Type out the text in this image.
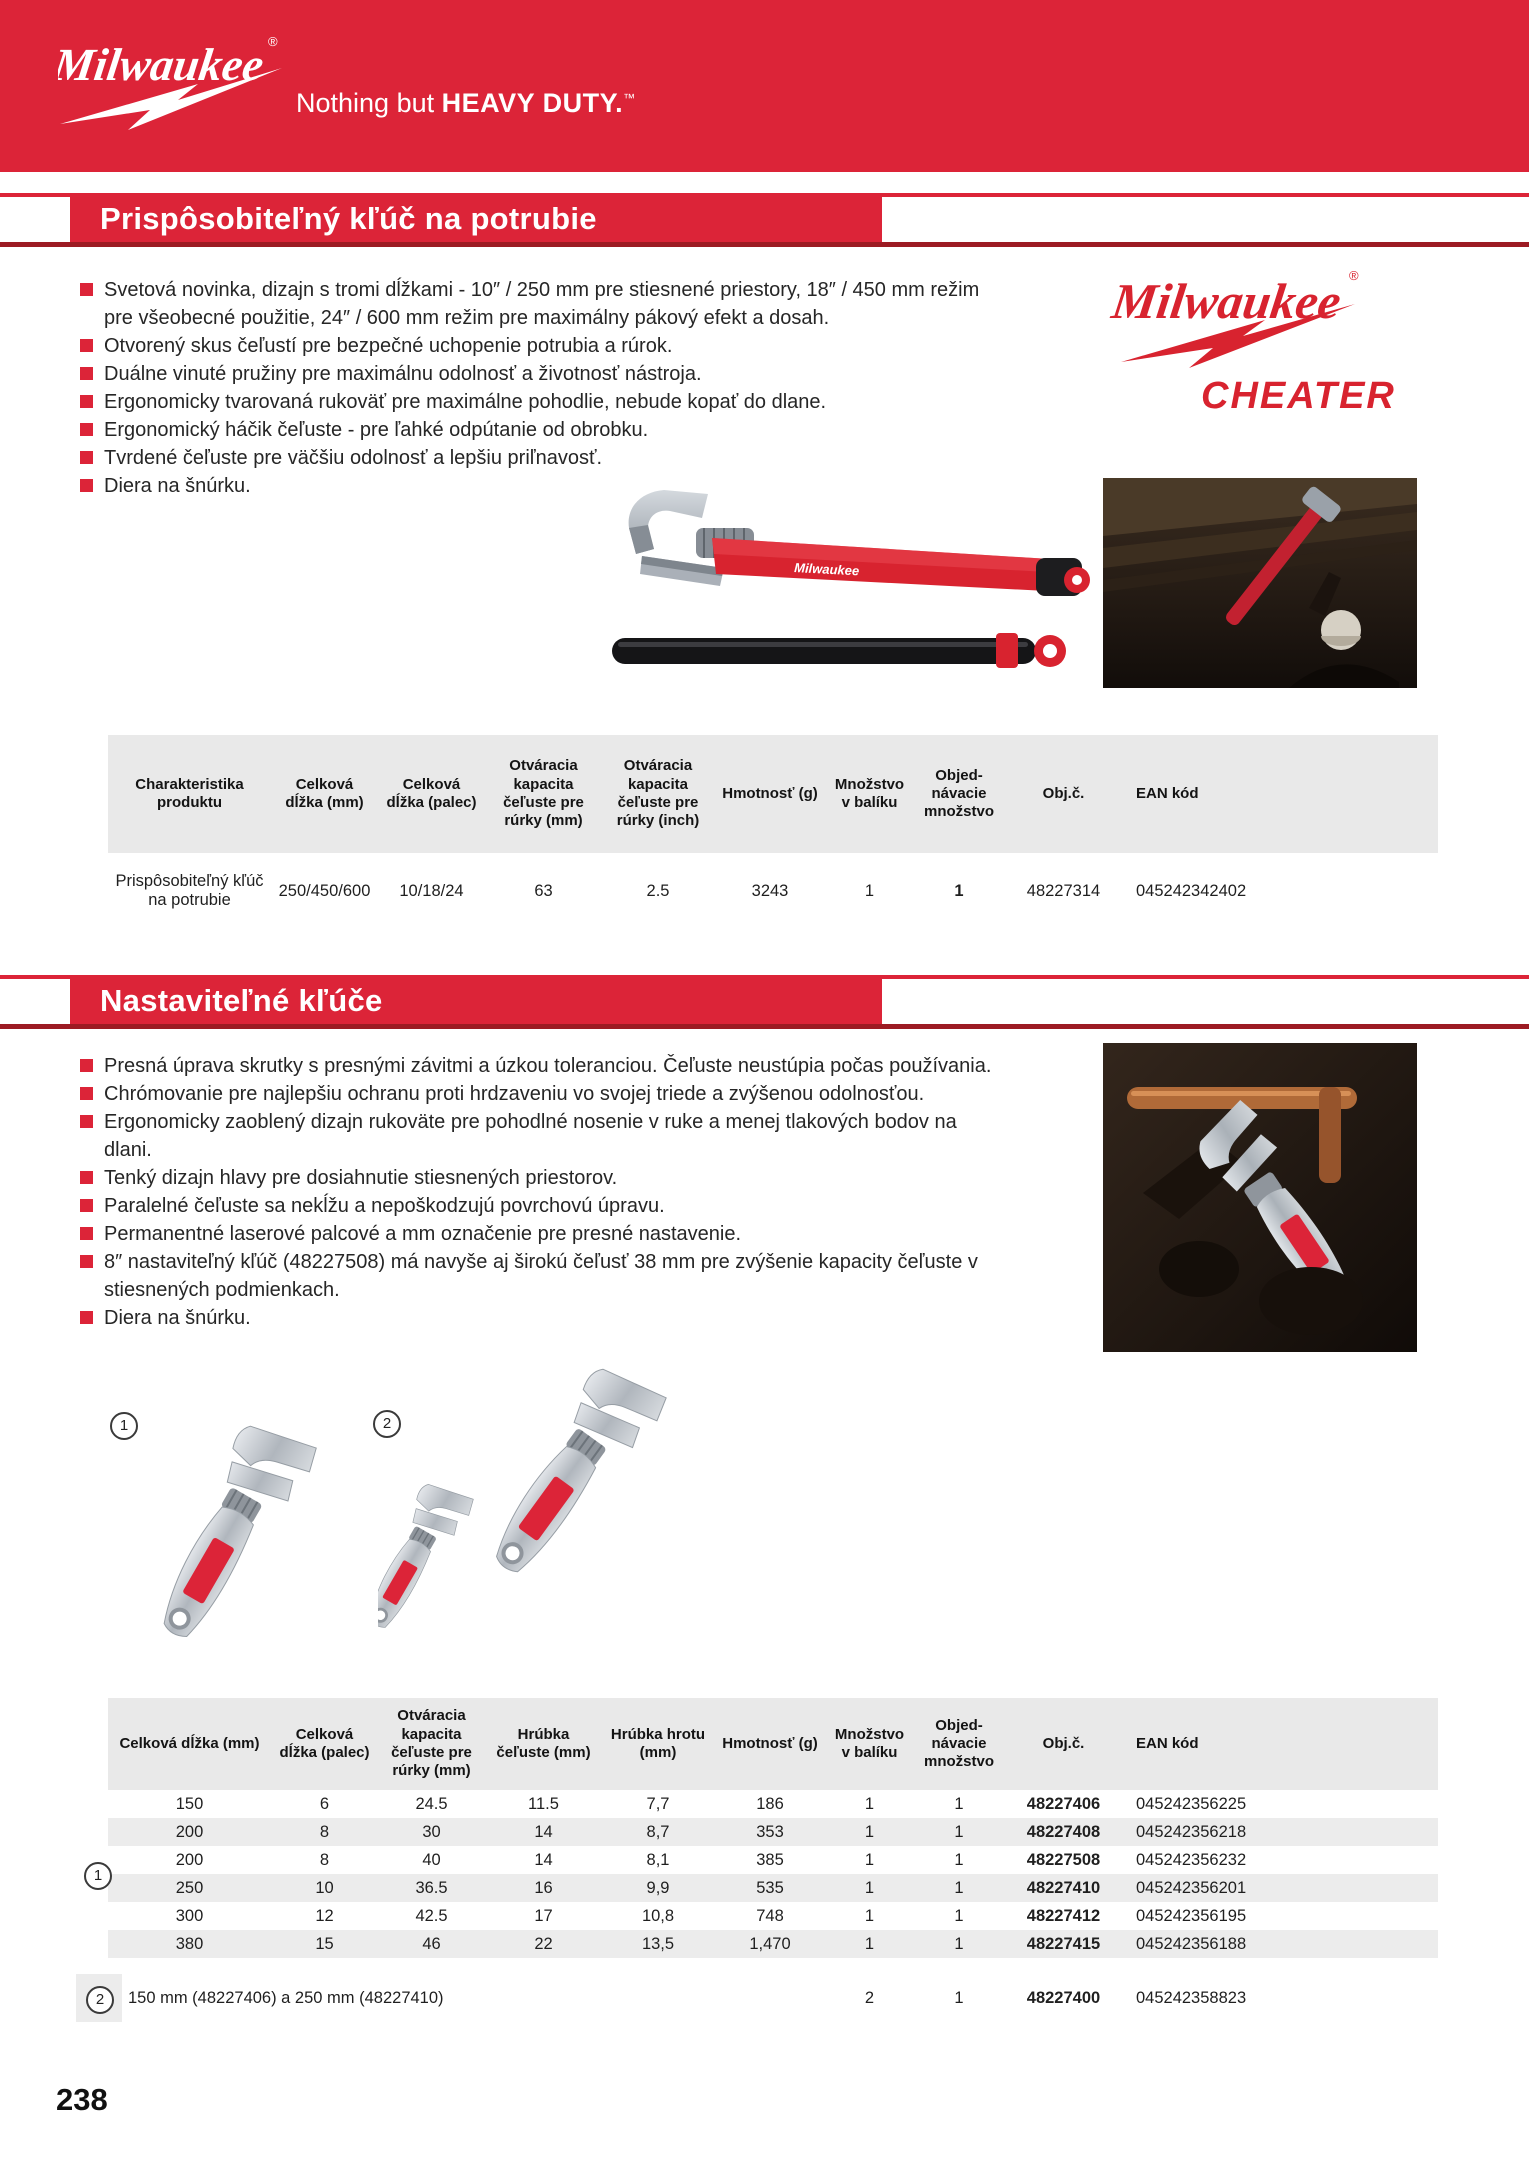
Milwaukee ®
Nothing but HEAVY DUTY.™
Prispôsobiteľný kľúč na potrubie
Svetová novinka, dizajn s tromi dĺžkami - 10″ / 250 mm pre stiesnené priestory, 18″ / 450 mm režim
pre všeobecné použitie, 24″ / 600 mm režim pre maximálny pákový efekt a dosah.
Otvorený skus čeľustí pre bezpečné uchopenie potrubia a rúrok.
Duálne vinuté pružiny pre maximálnu odolnosť a životnosť nástroja.
Ergonomicky tvarovaná rukoväť pre maximálne pohodlie, nebude kopať do dlane.
Ergonomický háčik čeľuste - pre ľahké odpútanie od obrobku.
Tvrdené čeľuste pre väčšiu odolnosť a lepšiu priľnavosť.
Diera na šnúrku.
Milwaukee ®
CHEATER
Milwaukee
Charakteristika produktu	Celková dĺžka (mm)	Celková dĺžka (palec)	Otváracia kapacita čeľuste pre rúrky (mm)	Otváracia kapacita čeľuste pre rúrky (inch)	Hmotnosť (g)	Množstvo v balíku	Objed-návacie množstvo	Obj.č.	EAN kód
Prispôsobiteľný kľúč na potrubie	250/450/600	10/18/24	63	2.5	3243	1	1	48227314	045242342402
Nastaviteľné kľúče
Presná úprava skrutky s presnými závitmi a úzkou toleranciou. Čeľuste neustúpia počas používania.
Chrómovanie pre najlepšiu ochranu proti hrdzaveniu vo svojej triede a zvýšenou odolnosťou.
Ergonomicky zaoblený dizajn rukoväte pre pohodlné nosenie v ruke a menej tlakových bodov na
dlani.
Tenký dizajn hlavy pre dosiahnutie stiesnených priestorov.
Paralelné čeľuste sa nekĺžu a nepoškodzujú povrchovú úpravu.
Permanentné laserové palcové a mm označenie pre presné nastavenie.
8″ nastaviteľný kľúč (48227508) má navyše aj širokú čeľusť 38 mm pre zvýšenie kapacity čeľuste v
stiesnených podmienkach.
Diera na šnúrku.
1	2
Celková dĺžka (mm)	Celková dĺžka (palec)	Otváracia kapacita čeľuste pre rúrky (mm)	Hrúbka čeľuste (mm)	Hrúbka hrotu (mm)	Hmotnosť (g)	Množstvo v balíku	Objed-návacie množstvo	Obj.č.	EAN kód
150	6	24.5	11.5	7,7	186	1	1	48227406	045242356225
200	8	30	14	8,7	353	1	1	48227408	045242356218
200	8	40	14	8,1	385	1	1	48227508	045242356232
250	10	36.5	16	9,9	535	1	1	48227410	045242356201
300	12	42.5	17	10,8	748	1	1	48227412	045242356195
380	15	46	22	13,5	1,470	1	1	48227415	045242356188

150 mm (48227406) a 250 mm (48227410)						2	1	48227400	045242358823
1
2
238
